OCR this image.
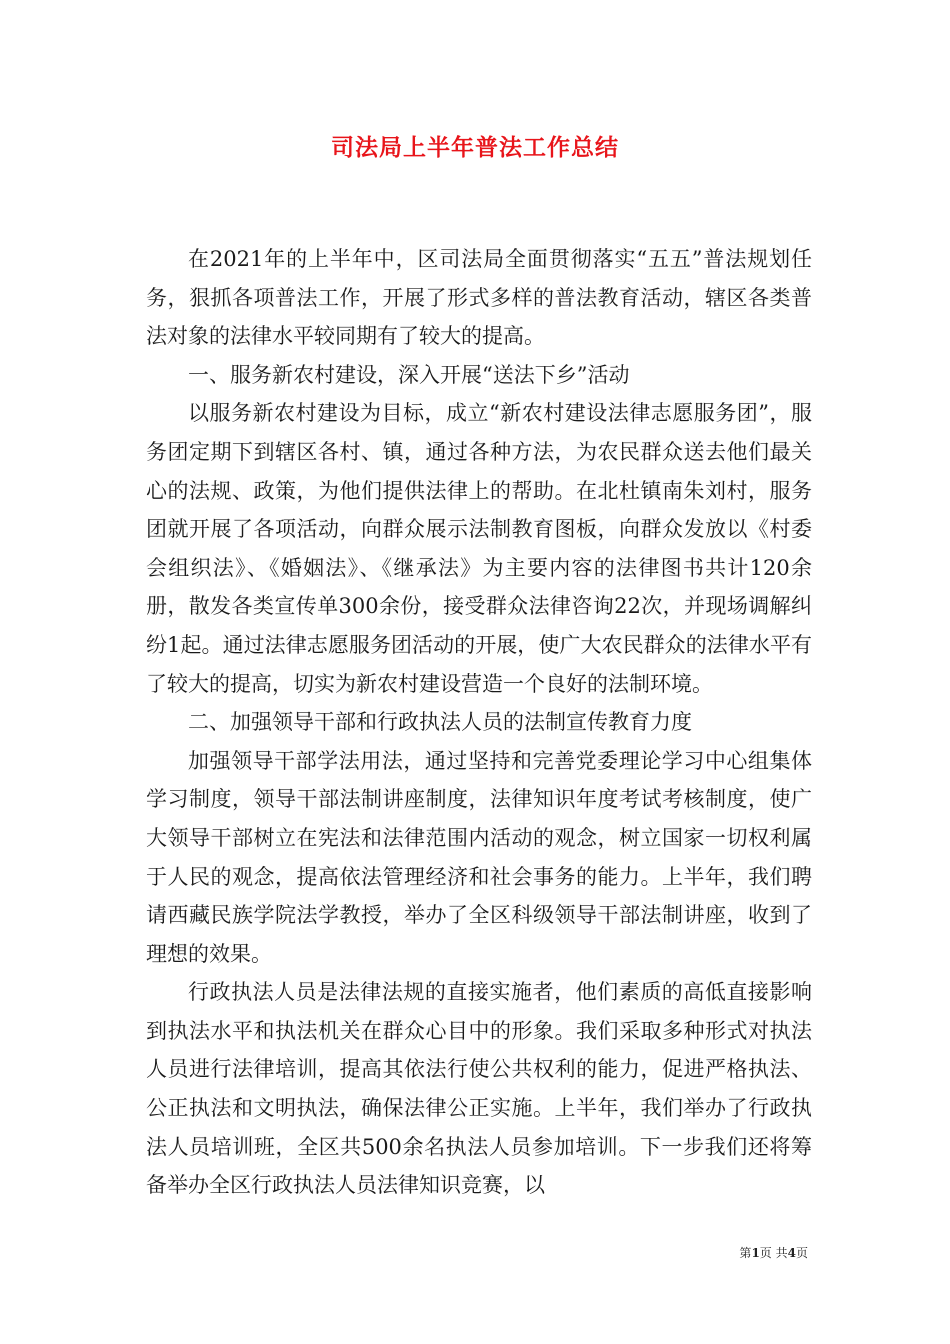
司法局上半年普法工作总结

在2021年的上半年中，区司法局全面贯彻落实“五五”普法规划任务，狠抓各项普法工作，开展了形式多样的普法教育活动，辖区各类普法对象的法律水平较同期有了较大的提高。

一、服务新农村建设，深入开展“送法下乡”活动

以服务新农村建设为目标，成立“新农村建设法律志愿服务团”，服务团定期下到辖区各村、镇，通过各种方法，为农民群众送去他们最关心的法规、政策，为他们提供法律上的帮助。在北杜镇南朱刘村，服务团就开展了各项活动，向群众展示法制教育图板，向群众发放以《村委会组织法》、《婚姻法》、《继承法》为主要内容的法律图书共计120余册，散发各类宣传单300余份，接受群众法律咨询22次，并现场调解纠纷1起。通过法律志愿服务团活动的开展，使广大农民群众的法律水平有了较大的提高，切实为新农村建设营造一个良好的法制环境。

二、加强领导干部和行政执法人员的法制宣传教育力度

加强领导干部学法用法，通过坚持和完善党委理论学习中心组集体学习制度，领导干部法制讲座制度，法律知识年度考试考核制度，使广大领导干部树立在宪法和法律范围内活动的观念，树立国家一切权利属于人民的观念，提高依法管理经济和社会事务的能力。上半年，我们聘请西藏民族学院法学教授，举办了全区科级领导干部法制讲座，收到了理想的效果。

行政执法人员是法律法规的直接实施者，他们素质的高低直接影响到执法水平和执法机关在群众心目中的形象。我们采取多种形式对执法人员进行法律培训，提高其依法行使公共权利的能力，促进严格执法、公正执法和文明执法，确保法律公正实施。上半年，我们举办了行政执法人员培训班，全区共500余名执法人员参加培训。下一步我们还将筹备举办全区行政执法人员法律知识竞赛，以

第1页 共4页
